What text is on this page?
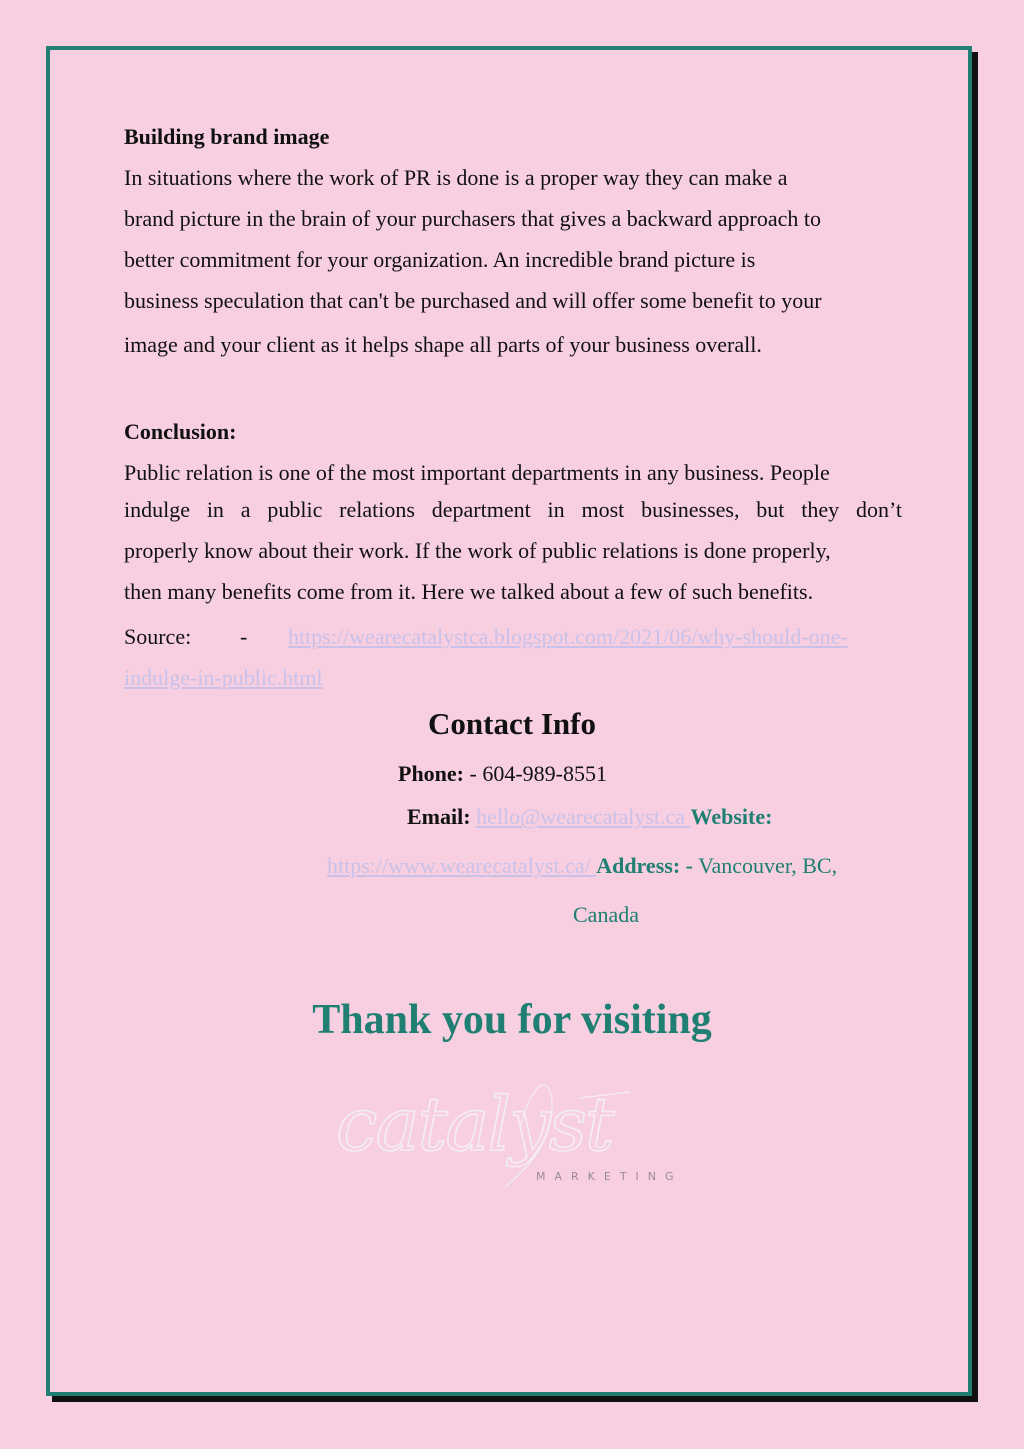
Building brand image
In situations where the work of PR is done is a proper way they can make a
brand picture in the brain of your purchasers that gives a backward approach to
better commitment for your organization. An incredible brand picture is
business speculation that can't be purchased and will offer some benefit to your
image and your client as it helps shape all parts of your business overall.
Conclusion:
Public relation is one of the most important departments in any business. People
indulge in a public relations department in most businesses, but they don’t
properly know about their work. If the work of public relations is done properly,
then many benefits come from it. Here we talked about a few of such benefits.
Source: - https://wearecatalystca.blogspot.com/2021/06/why-should-one-
indulge-in-public.html
Contact Info
Phone: - 604-989-8551
Email: hello@wearecatalyst.ca Website:
https://www.wearecatalyst.ca/ Address: - Vancouver, BC,
Canada
Thank you for visiting
catalyst
MARKETING
